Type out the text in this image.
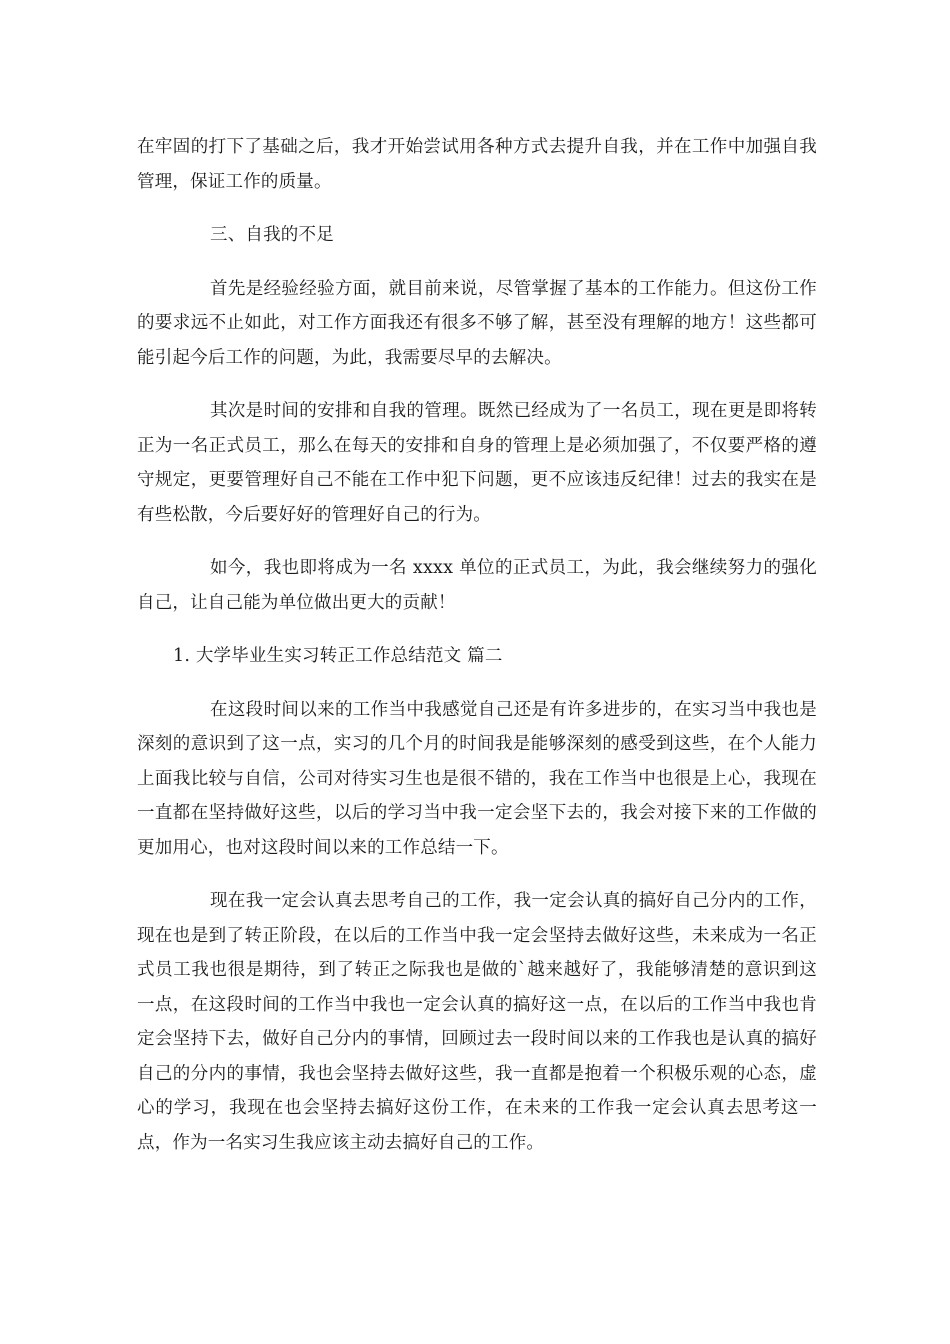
在牢固的打下了基础之后，我才开始尝试用各种方式去提升自我，并在工作中加强自我管理，保证工作的质量。

三、自我的不足

首先是经验经验方面，就目前来说，尽管掌握了基本的工作能力。但这份工作的要求远不止如此，对工作方面我还有很多不够了解，甚至没有理解的地方！这些都可能引起今后工作的问题，为此，我需要尽早的去解决。

其次是时间的安排和自我的管理。既然已经成为了一名员工，现在更是即将转正为一名正式员工，那么在每天的安排和自身的管理上是必须加强了，不仅要严格的遵守规定，更要管理好自己不能在工作中犯下问题，更不应该违反纪律！过去的我实在是有些松散，今后要好好的管理好自己的行为。

如今，我也即将成为一名 xxxx 单位的正式员工，为此，我会继续努力的强化自己，让自己能为单位做出更大的贡献！

1. 大学毕业生实习转正工作总结范文 篇二

在这段时间以来的工作当中我感觉自己还是有许多进步的，在实习当中我也是深刻的意识到了这一点，实习的几个月的时间我是能够深刻的感受到这些，在个人能力上面我比较与自信，公司对待实习生也是很不错的，我在工作当中也很是上心，我现在一直都在坚持做好这些，以后的学习当中我一定会坚下去的，我会对接下来的工作做的更加用心，也对这段时间以来的工作总结一下。

现在我一定会认真去思考自己的工作，我一定会认真的搞好自己分内的工作，现在也是到了转正阶段，在以后的工作当中我一定会坚持去做好这些，未来成为一名正式员工我也很是期待，到了转正之际我也是做的`越来越好了，我能够清楚的意识到这一点，在这段时间的工作当中我也一定会认真的搞好这一点，在以后的工作当中我也肯定会坚持下去，做好自己分内的事情，回顾过去一段时间以来的工作我也是认真的搞好自己的分内的事情，我也会坚持去做好这些，我一直都是抱着一个积极乐观的心态，虚心的学习，我现在也会坚持去搞好这份工作，在未来的工作我一定会认真去思考这一点，作为一名实习生我应该主动去搞好自己的工作。
